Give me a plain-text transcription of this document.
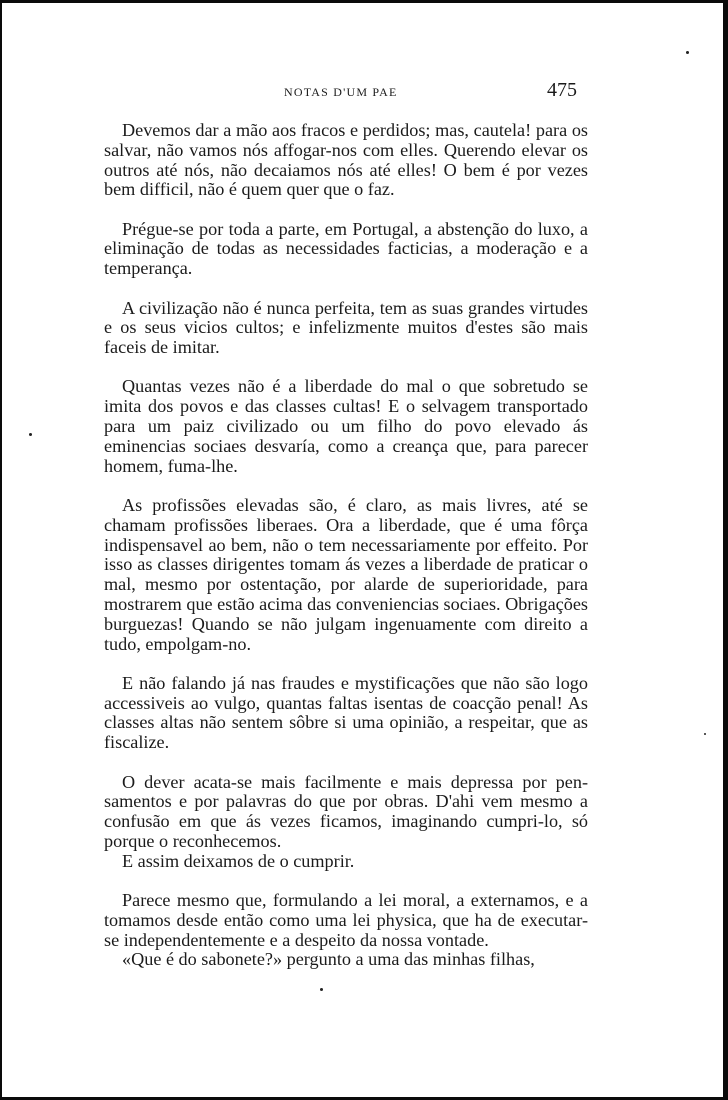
NOTAS D'UM PAE	475

Devemos dar a mão aos fracos e perdidos; mas, cautela! para os salvar, não vamos nós affogar-nos com elles. Querendo elevar os outros até nós, não decaiamos nós até elles! O bem é por vezes bem difficil, não é quem quer que o faz.

Prégue-se por toda a parte, em Portugal, a abstenção do luxo, a eliminação de todas as necessidades facticias, a moderação e a temperança.

A civilização não é nunca perfeita, tem as suas grandes virtudes e os seus vicios cultos; e infelizmente muitos d'estes são mais faceis de imitar.

Quantas vezes não é a liberdade do mal o que sobretudo se imita dos povos e das classes cultas! E o selvagem transportado para um paiz civilizado ou um filho do povo elevado ás eminencias sociaes desvaría, como a creança que, para parecer homem, fuma-lhe.

As profissões elevadas são, é claro, as mais livres, até se chamam profissões liberaes. Ora a liberdade, que é uma fôrça indispensavel ao bem, não o tem necessariamente por effeito. Por isso as classes dirigentes tomam ás vezes a liberdade de praticar o mal, mesmo por ostentação, por alarde de superioridade, para mostrarem que estão acima das conveniencias sociaes. Obrigações burguezas! Quando se não julgam ingenuamente com direito a tudo, empolgam-no.

E não falando já nas fraudes e mystificações que não são logo accessiveis ao vulgo, quantas faltas isentas de coacção penal! As classes altas não sentem sôbre si uma opinião, a respeitar, que as fiscalize.

O dever acata-se mais facilmente e mais depressa por pensamentos e por palavras do que por obras. D'ahi vem mesmo a confusão em que ás vezes ficamos, imaginando cumpri-lo, só porque o reconhecemos.

E assim deixamos de o cumprir.

Parece mesmo que, formulando a lei moral, a externamos, e a tomamos desde então como uma lei physica, que ha de executar-se independentemente e a despeito da nossa vontade.

«Que é do sabonete?» pergunto a uma das minhas filhas,
